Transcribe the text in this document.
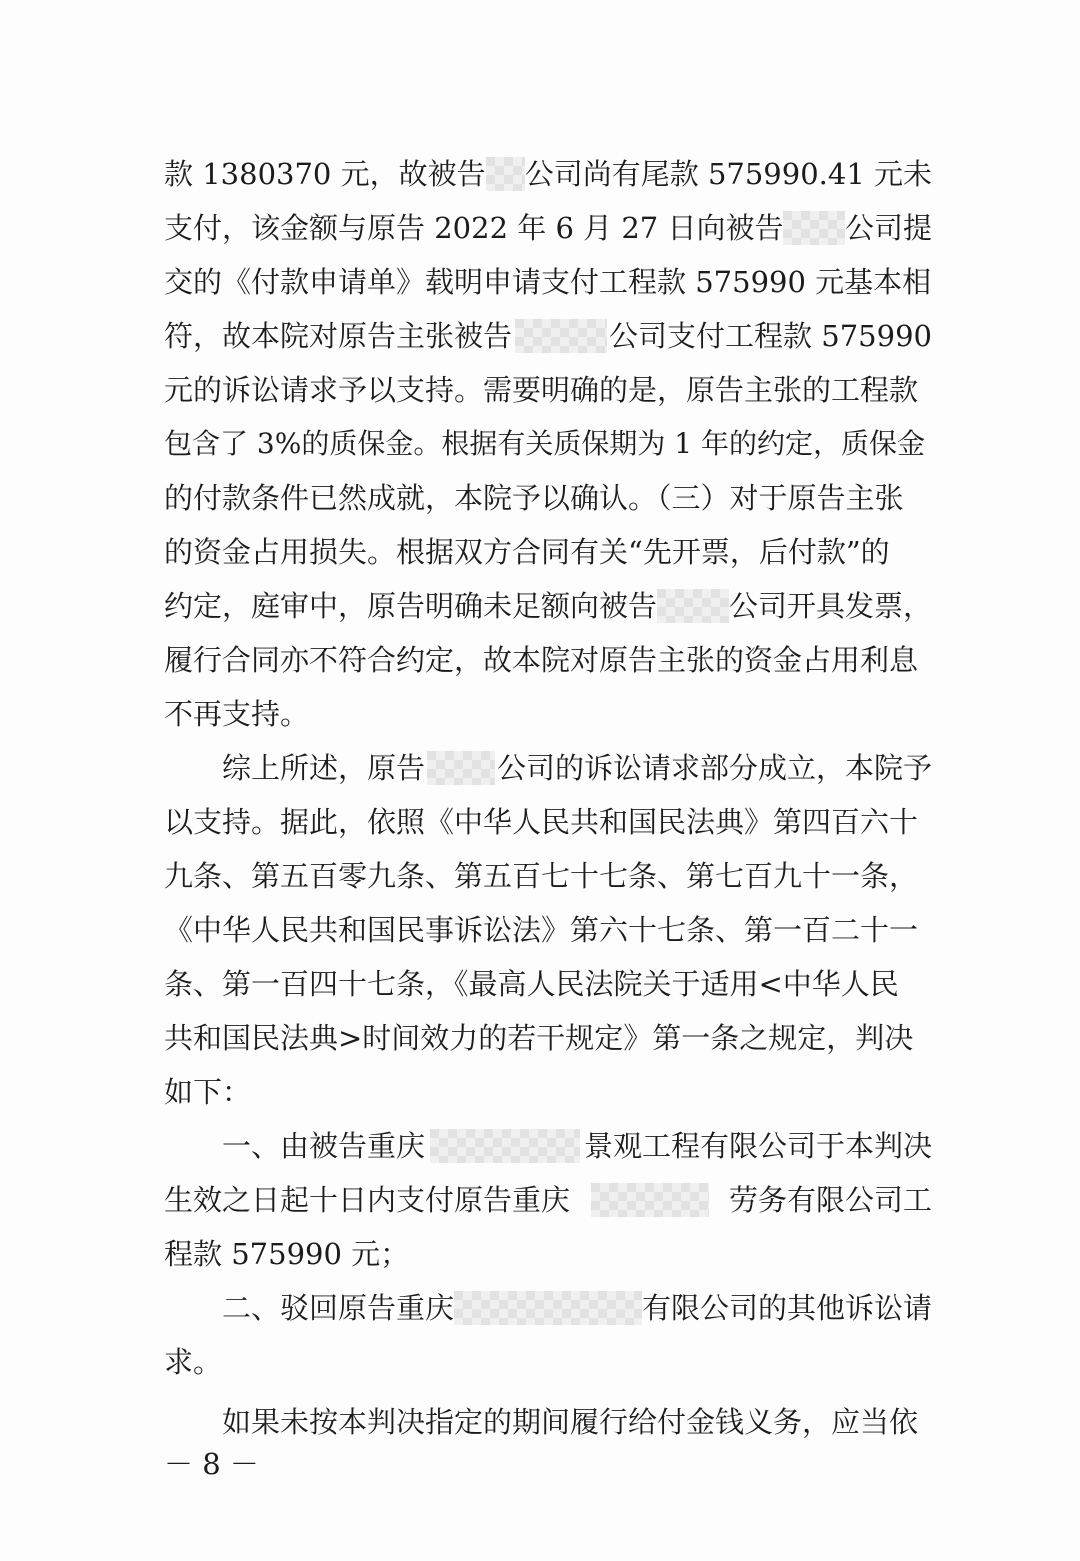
款 1380370 元，故被告 公司尚有尾款 575990.41 元未
支付，该金额与原告 2022 年 6 月 27 日向被告 公司提
交的《付款申请单》载明申请支付工程款 575990 元基本相
符，故本院对原告主张被告	公司支付工程款 575990
元的诉讼请求予以支持。需要明确的是，原告主张的工程款
包含了 3%的质保金。根据有关质保期为 1 年的约定，质保金
的付款条件已然成就，本院予以确认。（三）对于原告主张
的资金占用损失。根据双方合同有关“先开票，后付款”的
约定，庭审中，原告明确未足额向被告 公司开具发票，
履行合同亦不符合约定，故本院对原告主张的资金占用利息
不再支持。
综上所述，原告 公司的诉讼请求部分成立，本院予
以支持。据此，依照《中华人民共和国民法典》第四百六十
九条、第五百零九条、第五百七十七条、第七百九十一条，
《中华人民共和国民事诉讼法》第六十七条、第一百二十一
条、第一百四十七条，《最高人民法院关于适用<中华人民
共和国民法典>时间效力的若干规定》第一条之规定，判决
如下：
一、由被告重庆	景观工程有限公司于本判决
生效之日起十日内支付原告重庆	劳务有限公司工
程款 575990 元；
二、驳回原告重庆	有限公司的其他诉讼请
求。
如果未按本判决指定的期间履行给付金钱义务，应当依
－ 8 －
